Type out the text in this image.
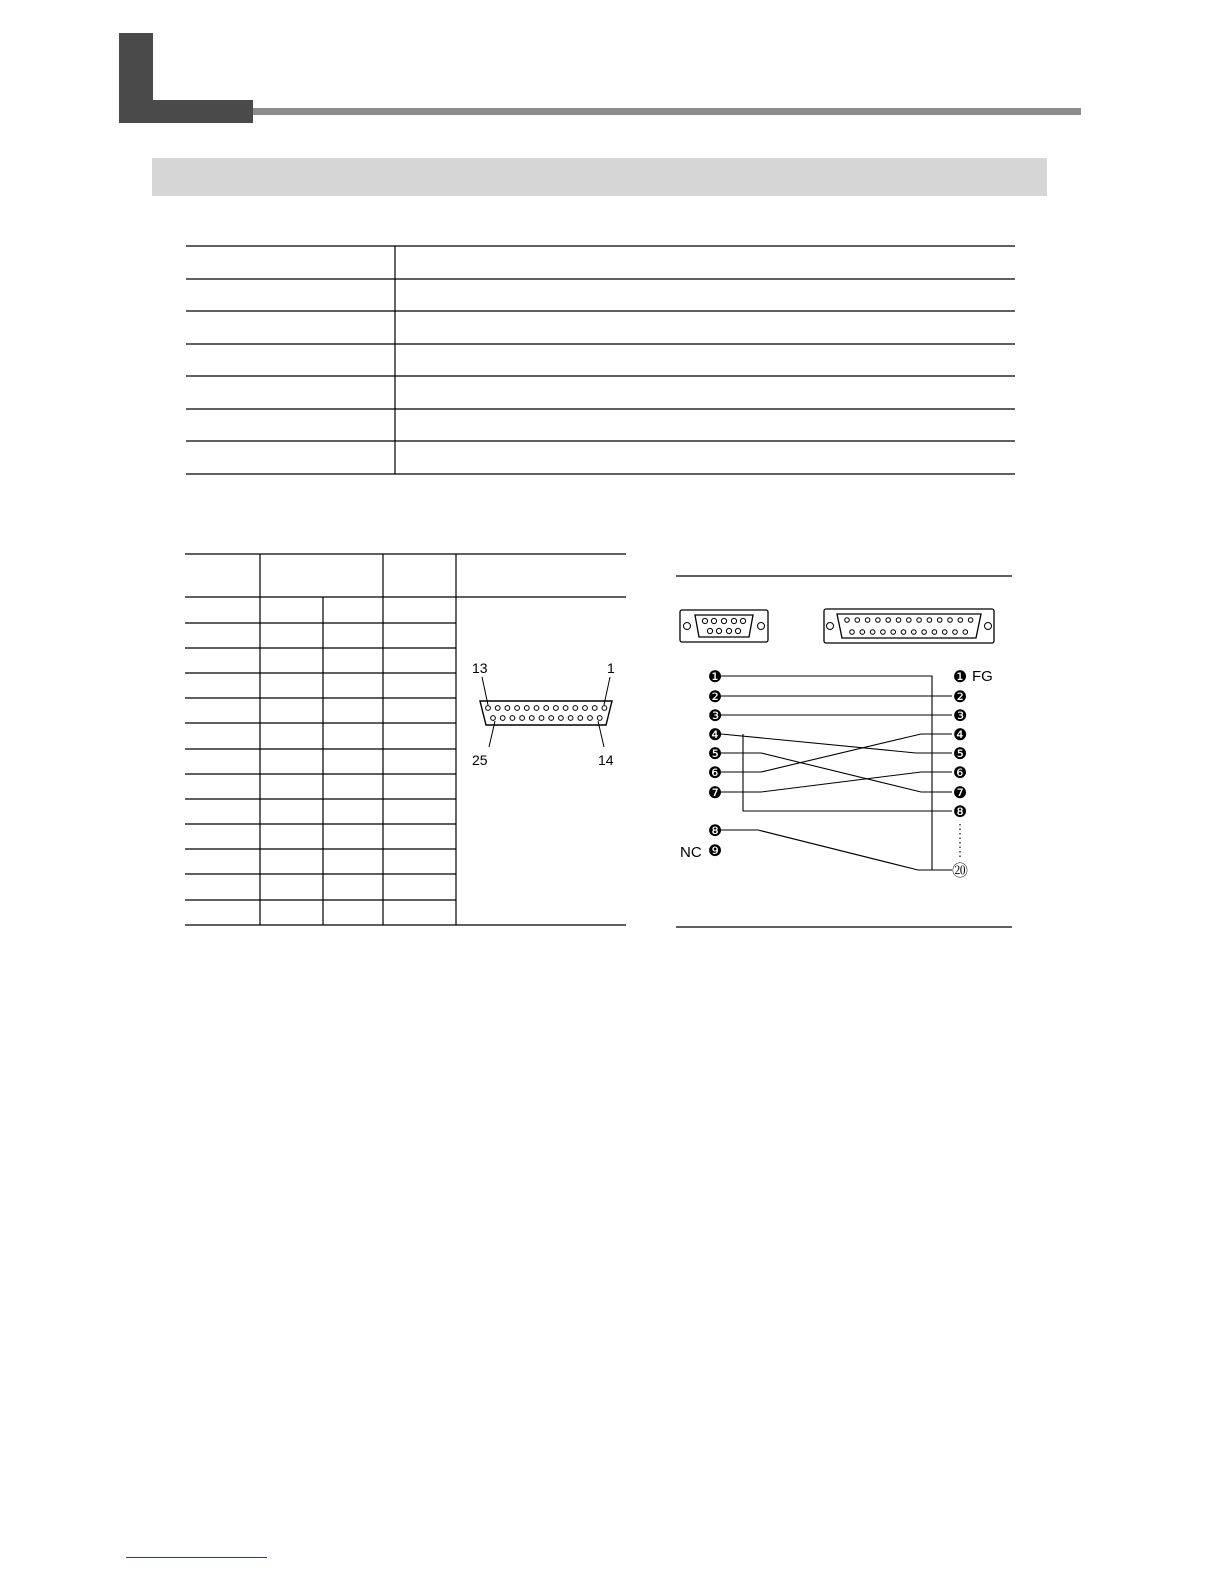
13	1
25	14
❶
❷
❸
❹
❺
❻
❼
❽
❾
❶
❷
❸
❹
❺
❻
❼
❽
⑳
FG
NC
